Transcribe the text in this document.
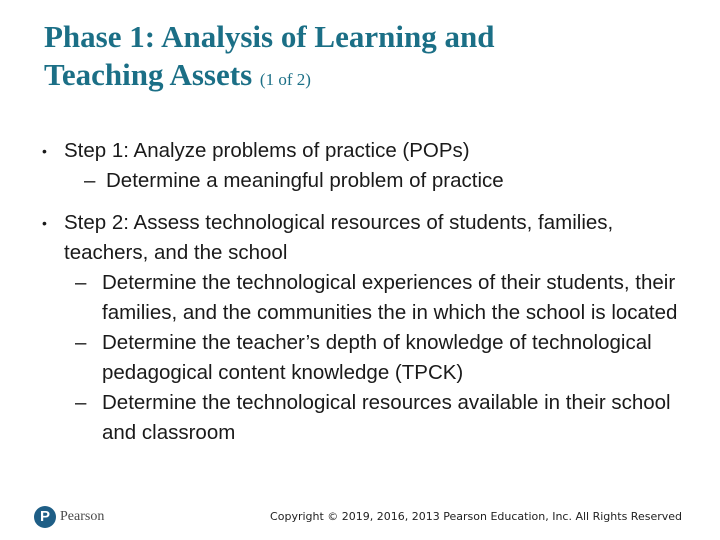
Phase 1: Analysis of Learning and
Teaching Assets (1 of 2)
• Step 1: Analyze problems of practice (POPs)
– Determine a meaningful problem of practice
• Step 2: Assess technological resources of students, families, teachers, and the school
– Determine the technological experiences of their students, their families, and the communities the in which the school is located
– Determine the teacher’s depth of knowledge of technological pedagogical content knowledge (TPCK)
– Determine the technological resources available in their school and classroom
P Pearson	Copyright © 2019, 2016, 2013 Pearson Education, Inc. All Rights Reserved
